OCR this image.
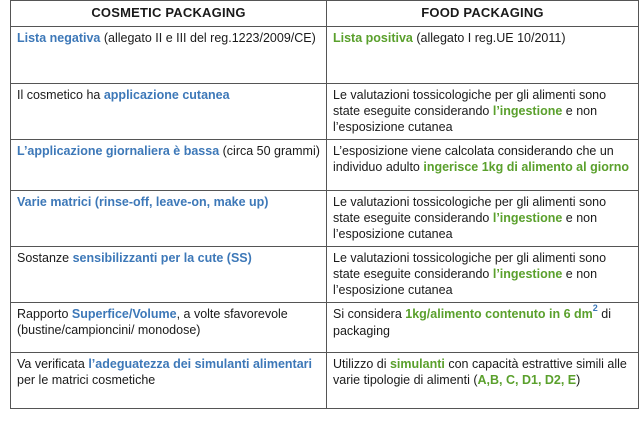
COSMETIC PACKAGING	FOOD PACKAGING
Lista negativa (allegato II e III del reg.1223/2009/CE)	Lista positiva (allegato I reg.UE 10/2011)
Il cosmetico ha applicazione cutanea	Le valutazioni tossicologiche per gli alimenti sono state eseguite considerando l’ingestione e non l’esposizione cutanea
L’applicazione giornaliera è bassa (circa 50 grammi)	L’esposizione viene calcolata considerando che un individuo adulto ingerisce 1kg di alimento al giorno
Varie matrici (rinse-off, leave-on, make up)	Le valutazioni tossicologiche per gli alimenti sono state eseguite considerando l’ingestione e non l’esposizione cutanea
Sostanze sensibilizzanti per la cute (SS)	Le valutazioni tossicologiche per gli alimenti sono state eseguite considerando l’ingestione e non l’esposizione cutanea
Rapporto Superfice/Volume, a volte sfavorevole (bustine/campioncini/ monodose)	Si considera 1kg/alimento contenuto in 6 $dm^2$ di packaging
Va verificata l’adeguatezza dei simulanti alimentari per le matrici cosmetiche	Utilizzo di simulanti con capacità estrattive simili alle varie tipologie di alimenti (A,B, C, D1, D2, E)
